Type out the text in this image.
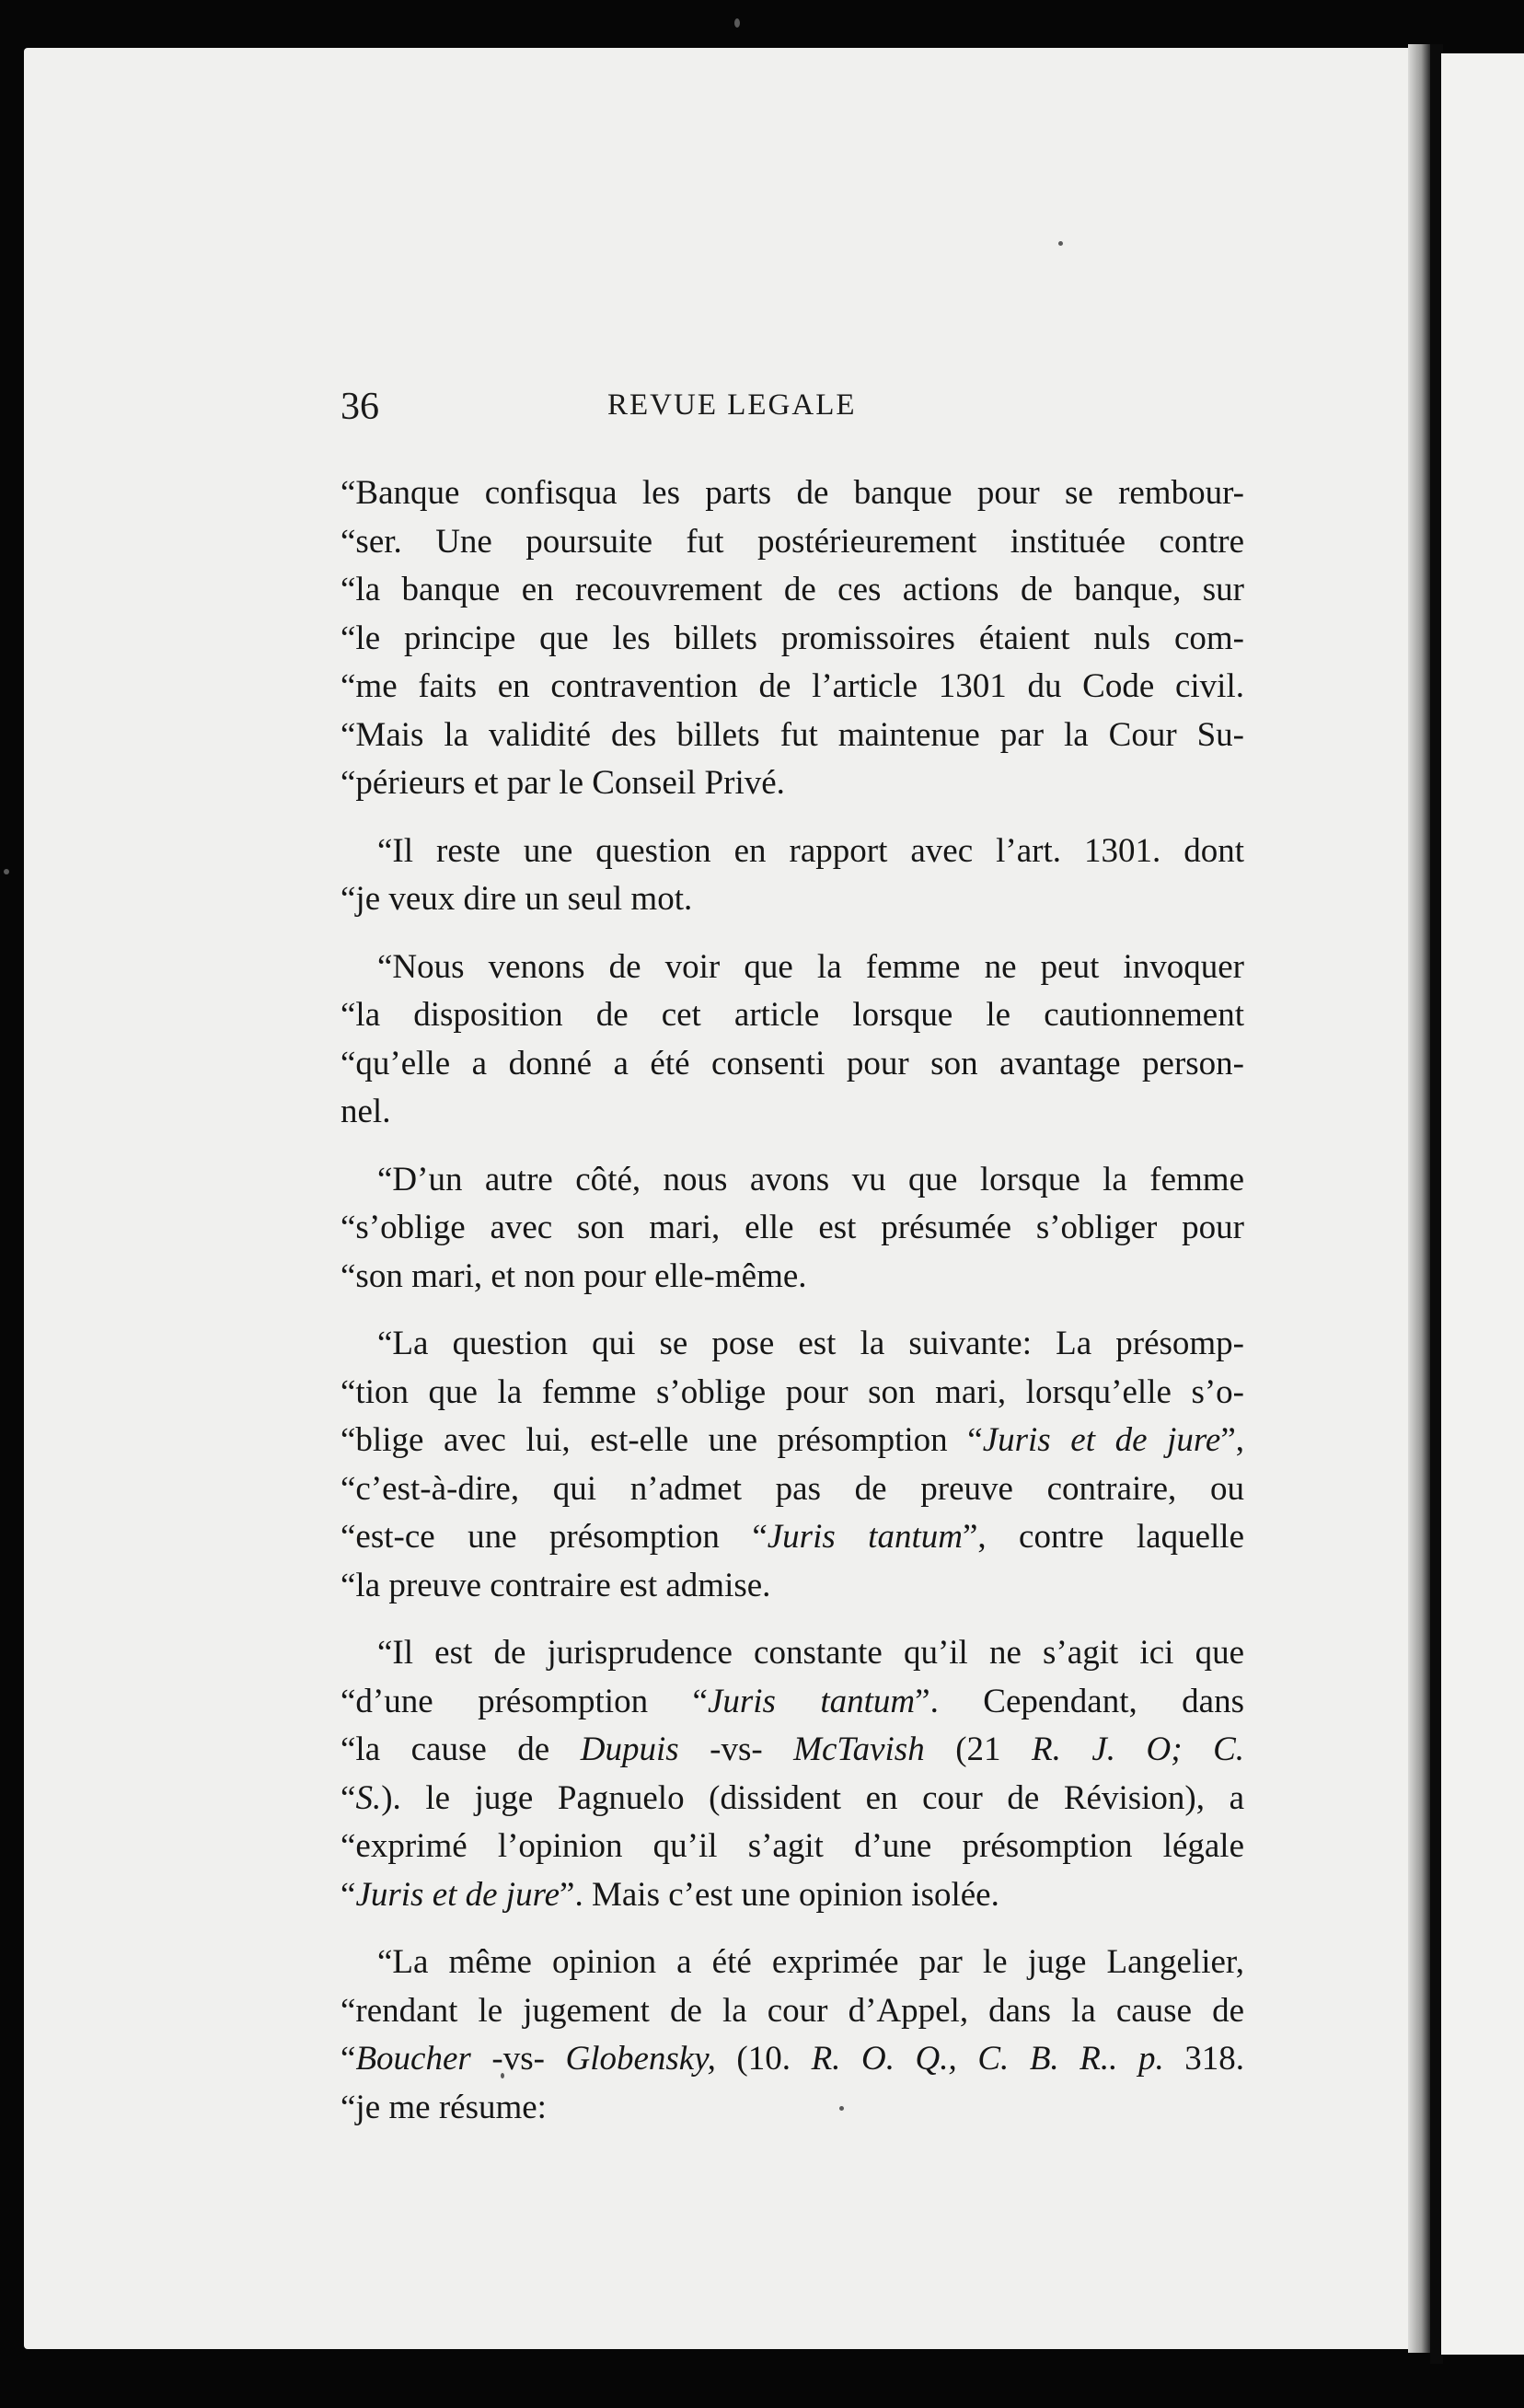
36	REVUE LEGALE
“Banque confisqua les parts de banque pour se rembour-
“ser. Une poursuite fut postérieurement instituée contre
“la banque en recouvrement de ces actions de banque, sur
“le principe que les billets promissoires étaient nuls com-
“me faits en contravention de l’article 1301 du Code civil.
“Mais la validité des billets fut maintenue par la Cour Su-
“périeurs et par le Conseil Privé.
“Il reste une question en rapport avec l’art. 1301. dont
“je veux dire un seul mot.
“Nous venons de voir que la femme ne peut invoquer
“la disposition de cet article lorsque le cautionnement
“qu’elle a donné a été consenti pour son avantage person-
nel.
“D’un autre côté, nous avons vu que lorsque la femme
“s’oblige avec son mari, elle est présumée s’obliger pour
“son mari, et non pour elle-même.
“La question qui se pose est la suivante: La présomp-
“tion que la femme s’oblige pour son mari, lorsqu’elle s’o-
“blige avec lui, est-elle une présomption “Juris et de jure”,
“c’est-à-dire, qui n’admet pas de preuve contraire, ou
“est-ce une présomption “Juris tantum”, contre laquelle
“la preuve contraire est admise.
“Il est de jurisprudence constante qu’il ne s’agit ici que
“d’une présomption “Juris tantum”. Cependant, dans
“la cause de Dupuis -vs- McTavish (21 R. J. O; C.
“S.). le juge Pagnuelo (dissident en cour de Révision), a
“exprimé l’opinion qu’il s’agit d’une présomption légale
“Juris et de jure”. Mais c’est une opinion isolée.
“La même opinion a été exprimée par le juge Langelier,
“rendant le jugement de la cour d’Appel, dans la cause de
“Boucher -vs- Globensky, (10. R. O. Q., C. B. R.. p. 318.
“je me résume:
